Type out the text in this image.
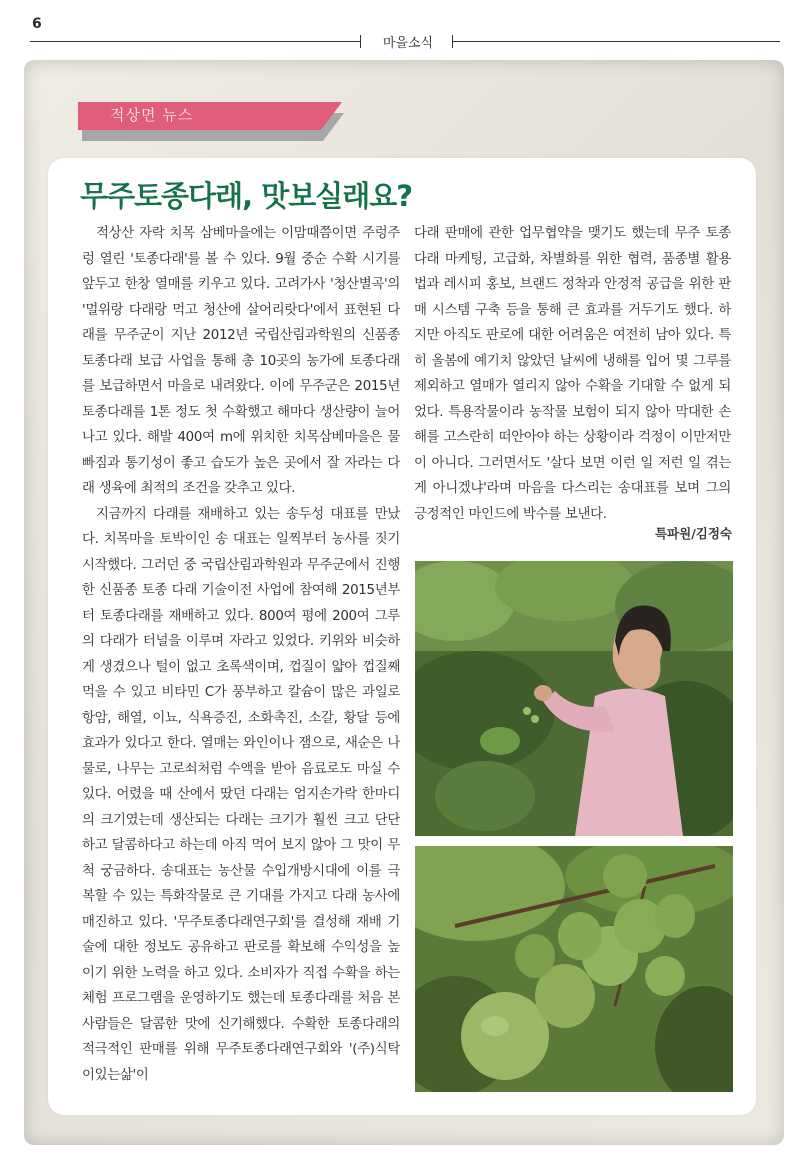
6
마을소식
적상면 뉴스
무주토종다래, 맛보실래요?

적상산 자락 치목 삼베마을에는 이맘때쯤이면 주렁주렁 열린 '토종다래'를 볼 수 있다. 9월 중순 수확 시기를 앞두고 한창 열매를 키우고 있다. 고려가사 '청산별곡'의 '멀위랑 다래랑 먹고 청산에 살어리랏다'에서 표현된 다래를 무주군이 지난 2012년 국립산림과학원의 신품종 토종다래 보급 사업을 통해 총 10곳의 농가에 토종다래를 보급하면서 마을로 내려왔다. 이에 무주군은 2015년 토종다래를 1톤 정도 첫 수확했고 해마다 생산량이 늘어나고 있다. 해발 400여 m에 위치한 치목삼베마을은 물 빠짐과 통기성이 좋고 습도가 높은 곳에서 잘 자라는 다래 생육에 최적의 조건을 갖추고 있다.

지금까지 다래를 재배하고 있는 송두성 대표를 만났다. 치목마을 토박이인 송 대표는 일찍부터 농사를 짓기 시작했다. 그러던 중 국립산림과학원과 무주군에서 진행한 신품종 토종 다래 기술이전 사업에 참여해 2015년부터 토종다래를 재배하고 있다. 800여 평에 200여 그루의 다래가 터널을 이루며 자라고 있었다. 키위와 비슷하게 생겼으나 털이 없고 초록색이며, 껍질이 얇아 껍질째 먹을 수 있고 비타민 C가 풍부하고 칼슘이 많은 과일로 항암, 해열, 이뇨, 식욕증진, 소화촉진, 소갈, 황달 등에 효과가 있다고 한다. 열매는 와인이나 잼으로, 새순은 나물로, 나무는 고로쇠처럼 수액을 받아 음료로도 마실 수 있다. 어렸을 때 산에서 땄던 다래는 엄지손가락 한마디의 크기였는데 생산되는 다래는 크기가 훨씬 크고 단단하고 달콤하다고 하는데 아직 먹어 보지 않아 그 맛이 무척 궁금하다. 송대표는 농산물 수입개방시대에 이를 극복할 수 있는 특화작물로 큰 기대를 가지고 다래 농사에 매진하고 있다. '무주토종다래연구회'를 결성해 재배 기술에 대한 정보도 공유하고 판로를 확보해 수익성을 높이기 위한 노력을 하고 있다. 소비자가 직접 수확을 하는 체험 프로그램을 운영하기도 했는데 토종다래를 처음 본 사람들은 달콤한 맛에 신기해했다. 수확한 토종다래의 적극적인 판매를 위해 무주토종다래연구회와 '(주)식탁이있는삶'이

다래 판매에 관한 업무협약을 맺기도 했는데 무주 토종다래 마케팅, 고급화, 차별화를 위한 협력, 품종별 활용법과 레시피 홍보, 브랜드 정착과 안정적 공급을 위한 판매 시스템 구축 등을 통해 큰 효과를 거두기도 했다. 하지만 아직도 판로에 대한 어려움은 여전히 남아 있다. 특히 올봄에 예기치 않았던 날씨에 냉해를 입어 몇 그루를 제외하고 열매가 열리지 않아 수확을 기대할 수 없게 되었다. 특용작물이라 농작물 보험이 되지 않아 막대한 손해를 고스란히 떠안아야 하는 상황이라 걱정이 이만저만이 아니다. 그러면서도 '살다 보면 이런 일 저런 일 겪는 게 아니겠냐'라며 마음을 다스리는 송대표를 보며 그의 긍정적인 마인드에 박수를 보낸다.

특파원/김정숙
